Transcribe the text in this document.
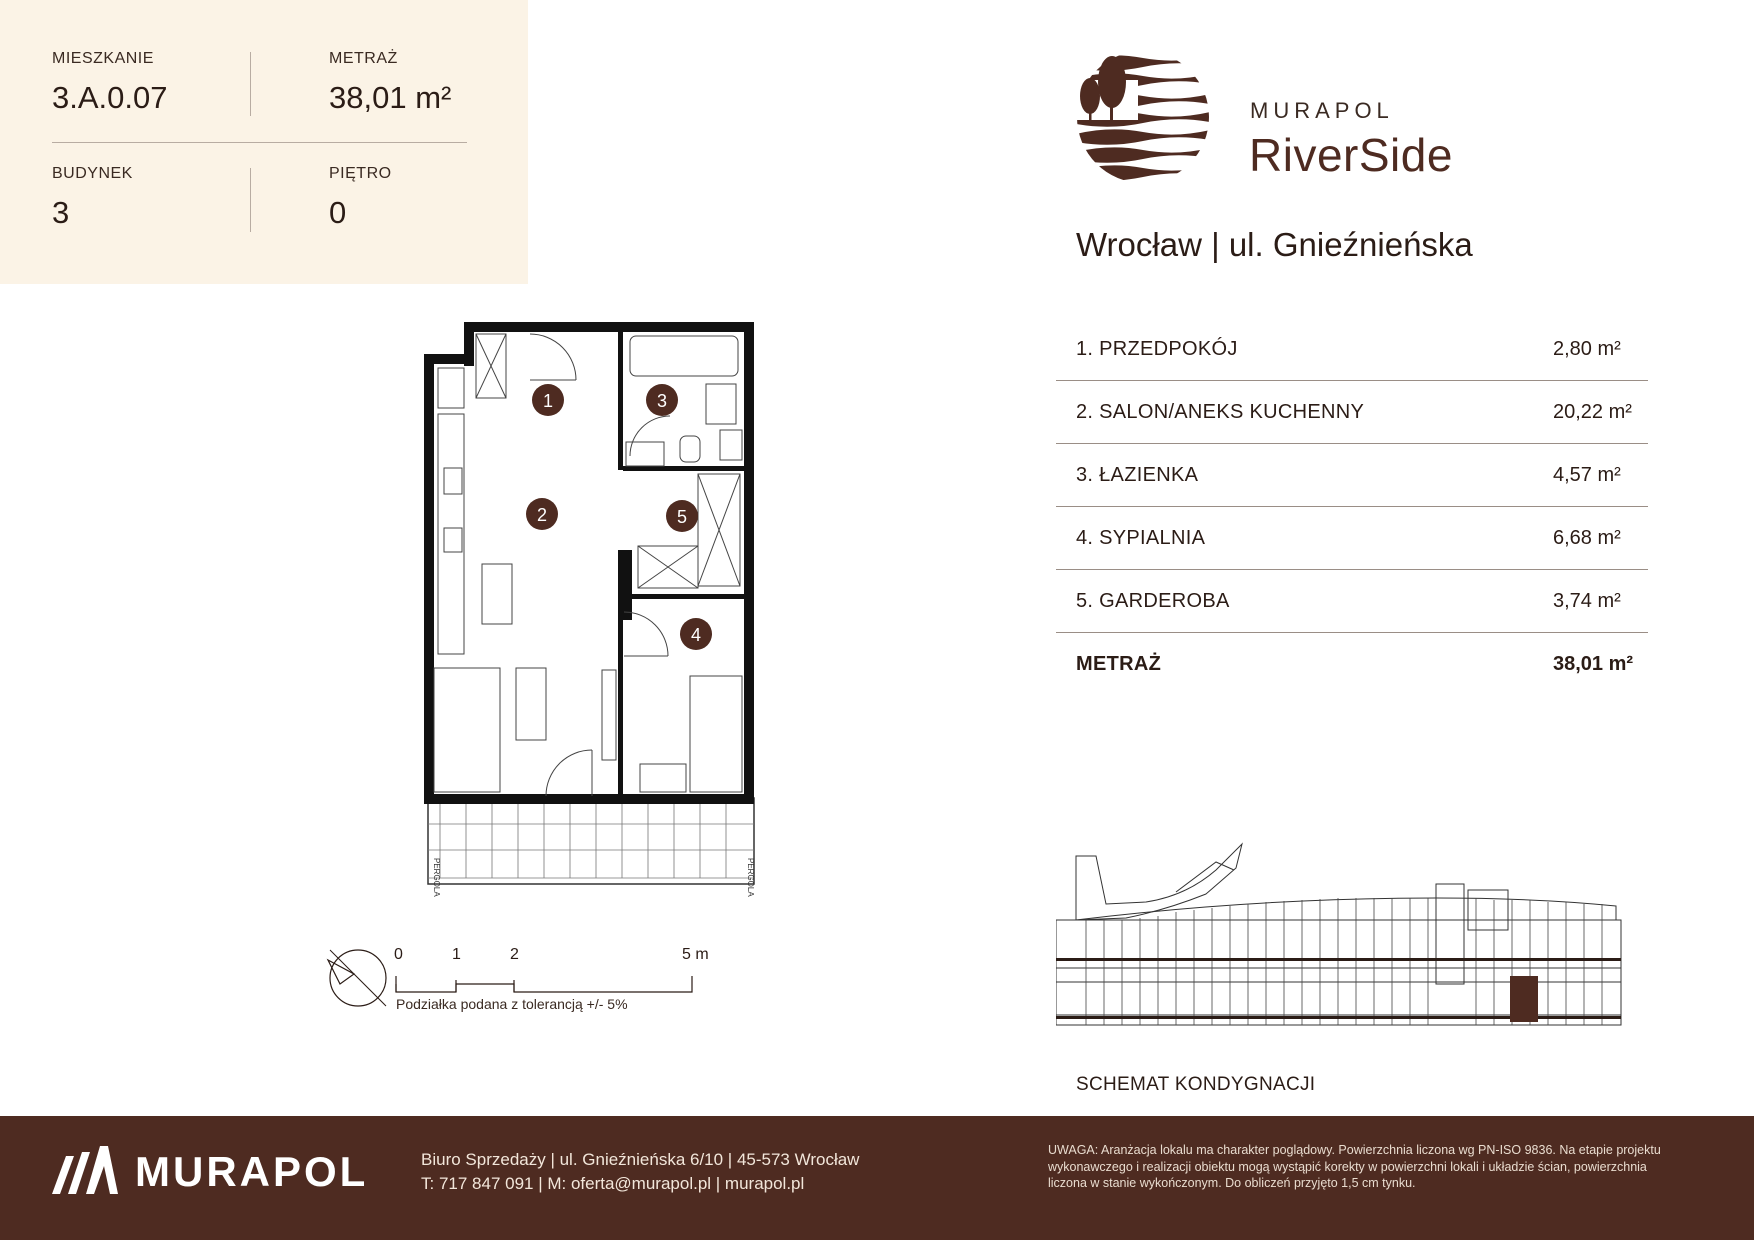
MIESZKANIE
3.A.0.07
METRAŻ
38,01 m²
BUDYNEK
3
PIĘTRO
0
MURAPOL
RiverSide
Wrocław | ul. Gnieźnieńska
1. PRZEDPOKÓJ	2,80 m²
2. SALON/ANEKS KUCHENNY	20,22 m²
3. ŁAZIENKA	4,57 m²
4. SYPIALNIA	6,68 m²
5. GARDEROBA	3,74 m²
METRAŻ	38,01 m²
PERGOLA	PERGOLA
1
2
3
4
5
0	1	2	5 m
Podziałka podana z tolerancją +/- 5%
SCHEMAT KONDYGNACJI
MURAPOL	Biuro Sprzedaży | ul. Gnieźnieńska 6/10 | 45-573 Wrocław
T: 717 847 091 | M: oferta@murapol.pl | murapol.pl
UWAGA: Aranżacja lokalu ma charakter poglądowy. Powierzchnia liczona wg PN-ISO 9836. Na etapie projektu wykonawczego i realizacji obiektu mogą wystąpić korekty w powierzchni lokali i układzie ścian, powierzchnia liczona w stanie wykończonym. Do obliczeń przyjęto 1,5 cm tynku.
